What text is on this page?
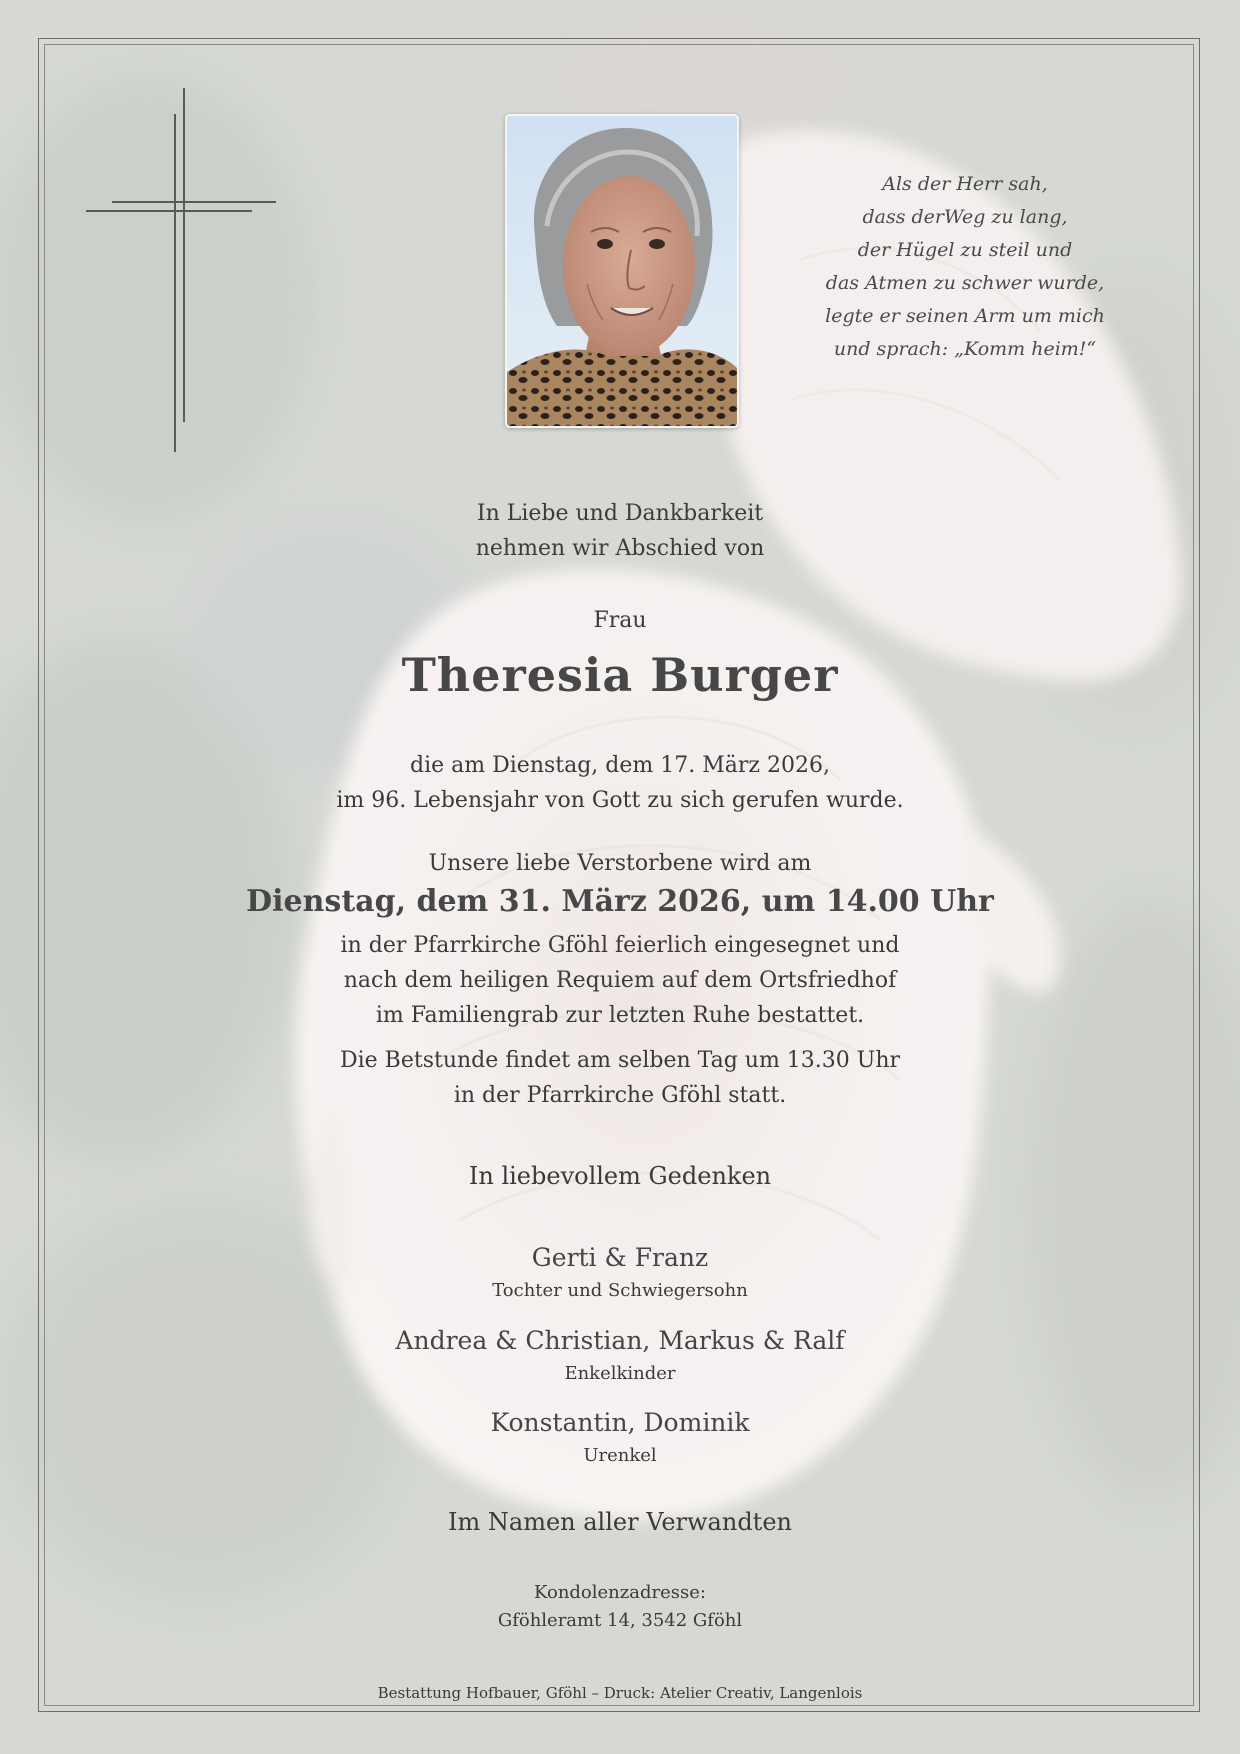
Als der Herr sah,
dass derWeg zu lang,
der Hügel zu steil und
das Atmen zu schwer wurde,
legte er seinen Arm um mich
und sprach: „Komm heim!“
In Liebe und Dankbarkeit
nehmen wir Abschied von
Frau
Theresia Burger
die am Dienstag, dem 17. März 2026,
im 96. Lebensjahr von Gott zu sich gerufen wurde.
Unsere liebe Verstorbene wird am
Dienstag, dem 31. März 2026, um 14.00 Uhr
in der Pfarrkirche Gföhl feierlich eingesegnet und
nach dem heiligen Requiem auf dem Ortsfriedhof
im Familiengrab zur letzten Ruhe bestattet.
Die Betstunde findet am selben Tag um 13.30 Uhr
in der Pfarrkirche Gföhl statt.
In liebevollem Gedenken
Gerti & Franz
Tochter und Schwiegersohn
Andrea & Christian, Markus & Ralf
Enkelkinder
Konstantin, Dominik
Urenkel
Im Namen aller Verwandten
Kondolenzadresse:
Gföhleramt 14, 3542 Gföhl
Bestattung Hofbauer, Gföhl – Druck: Atelier Creativ, Langenlois
